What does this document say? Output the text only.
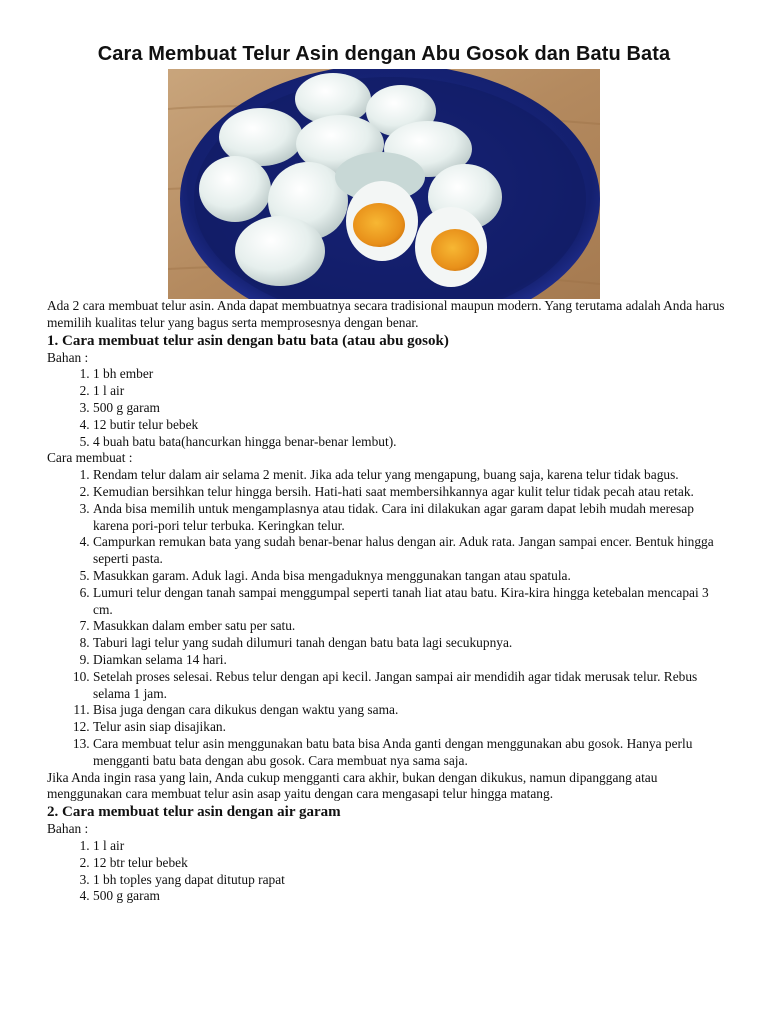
Cara Membuat Telur Asin dengan Abu Gosok dan Batu Bata

Ada 2 cara membuat telur asin. Anda dapat membuatnya secara tradisional maupun modern. Yang terutama adalah Anda harus memilih kualitas telur yang bagus serta memprosesnya dengan benar.

1. Cara membuat telur asin dengan batu bata (atau abu gosok)

Bahan :

1. 1 bh ember
2. 1 l air
3. 500 g garam
4. 12 butir telur bebek
5. 4 buah batu bata(hancurkan hingga benar-benar lembut).

Cara membuat :

1. Rendam telur dalam air selama 2 menit. Jika ada telur yang mengapung, buang saja, karena telur tidak bagus.
2. Kemudian bersihkan telur hingga bersih. Hati-hati saat membersihkannya agar kulit telur tidak pecah atau retak.
3. Anda bisa memilih untuk mengamplasnya atau tidak. Cara ini dilakukan agar garam dapat lebih mudah meresap karena pori-pori telur terbuka. Keringkan telur.
4. Campurkan remukan bata yang sudah benar-benar halus dengan air. Aduk rata. Jangan sampai encer. Bentuk hingga seperti pasta.
5. Masukkan garam. Aduk lagi. Anda bisa mengaduknya menggunakan tangan atau spatula.
6. Lumuri telur dengan tanah sampai menggumpal seperti tanah liat atau batu. Kira-kira hingga ketebalan mencapai 3 cm.
7. Masukkan dalam ember satu per satu.
8. Taburi lagi telur yang sudah dilumuri tanah dengan batu bata lagi secukupnya.
9. Diamkan selama 14 hari.
10. Setelah proses selesai. Rebus telur dengan api kecil. Jangan sampai air mendidih agar tidak merusak telur. Rebus selama 1 jam.
11. Bisa juga dengan cara dikukus dengan waktu yang sama.
12. Telur asin siap disajikan.
13. Cara membuat telur asin menggunakan batu bata bisa Anda ganti dengan menggunakan abu gosok. Hanya perlu mengganti batu bata dengan abu gosok. Cara membuat nya sama saja.

Jika Anda ingin rasa yang lain, Anda cukup mengganti cara akhir, bukan dengan dikukus, namun dipanggang atau menggunakan cara membuat telur asin asap yaitu dengan cara mengasapi telur hingga matang.

2. Cara membuat telur asin dengan air garam

Bahan :

1. 1 l air
2. 12 btr telur bebek
3. 1 bh toples yang dapat ditutup rapat
4. 500 g garam
